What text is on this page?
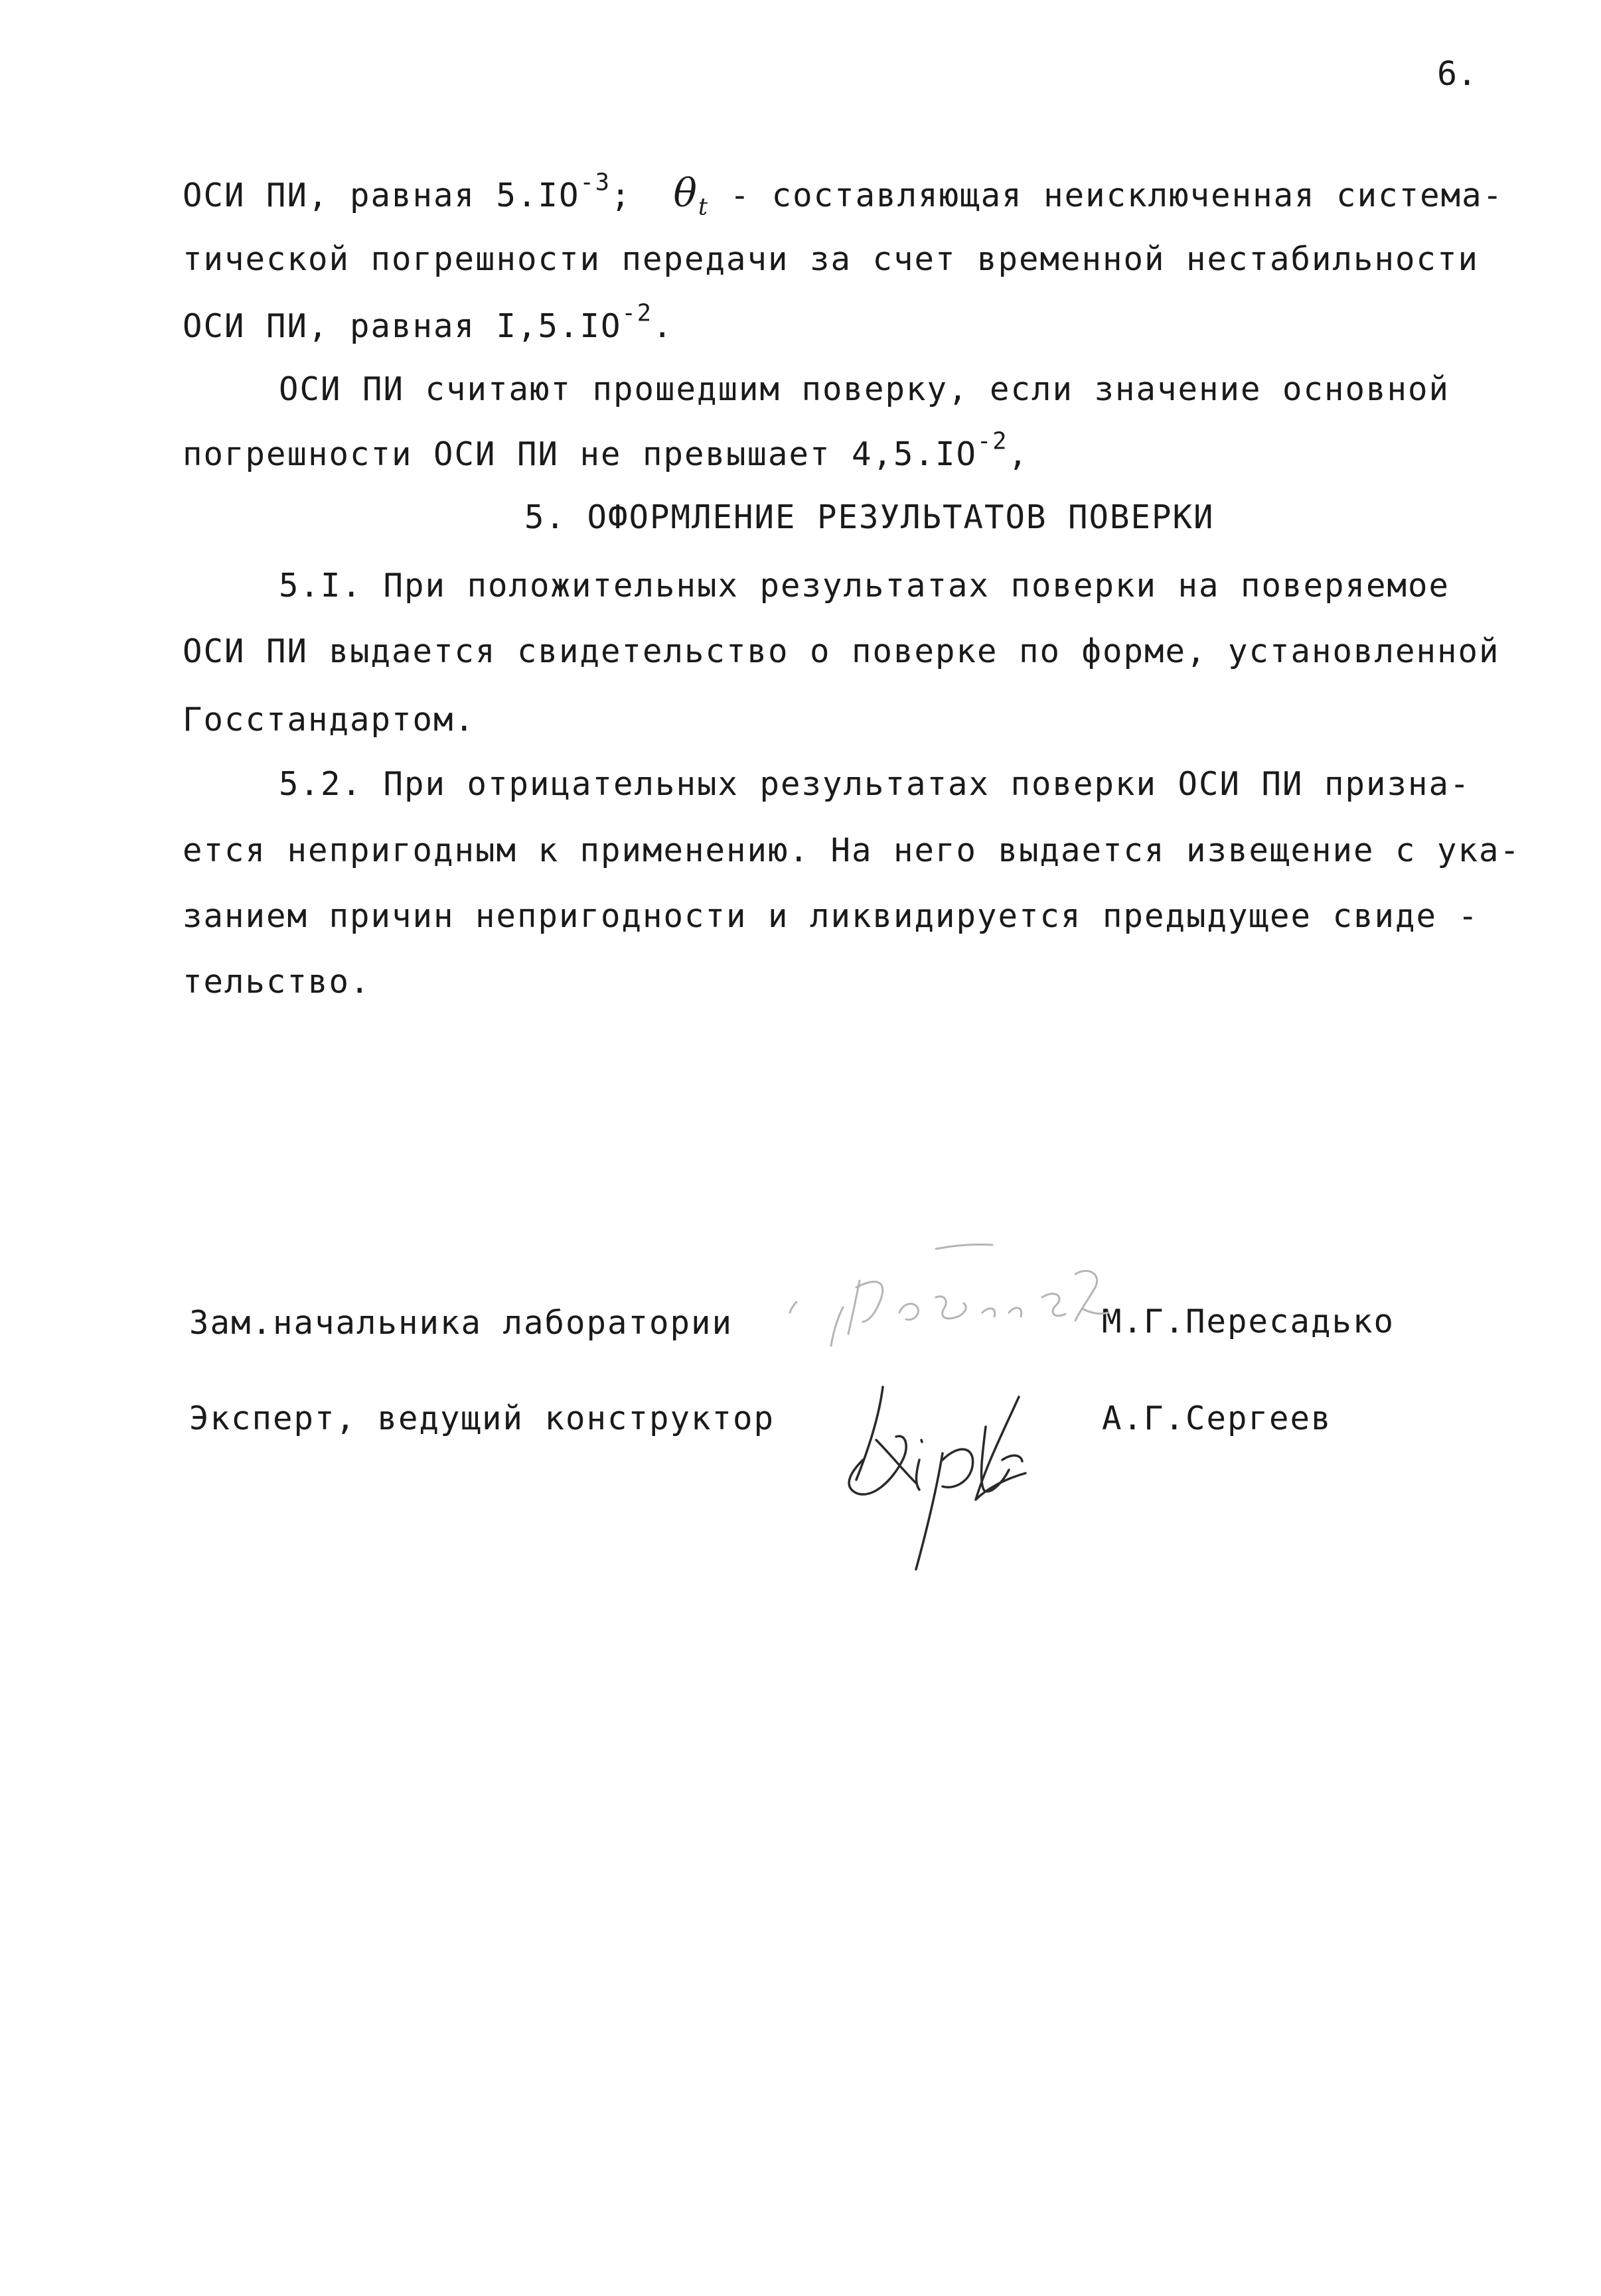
6.
ОСИ ПИ, равная $5.IO^{-3}$;  $\theta_t$ - составляющая неисключенная система-
тической погрешности передачи за счет временной нестабильности
ОСИ ПИ, равная $I,5.IO^{-2}$.
ОСИ ПИ считают прошедшим поверку, если значение основной
погрешности ОСИ ПИ не превышает $4,5.IO^{-2}$,
5. ОФОРМЛЕНИЕ РЕЗУЛЬТАТОВ ПОВЕРКИ
5.I. При положительных результатах поверки на поверяемое
ОСИ ПИ выдается свидетельство о поверке по форме, установленной
Госстандартом.
5.2. При отрицательных результатах поверки ОСИ ПИ призна-
ется непригодным к применению. На него выдается извещение с ука-
занием причин непригодности и ликвидируется предыдущее свиде -
тельство.
Зам.начальника лаборатории	М.Г.Пересадько
Эксперт, ведущий конструктор	А.Г.Сергеев
